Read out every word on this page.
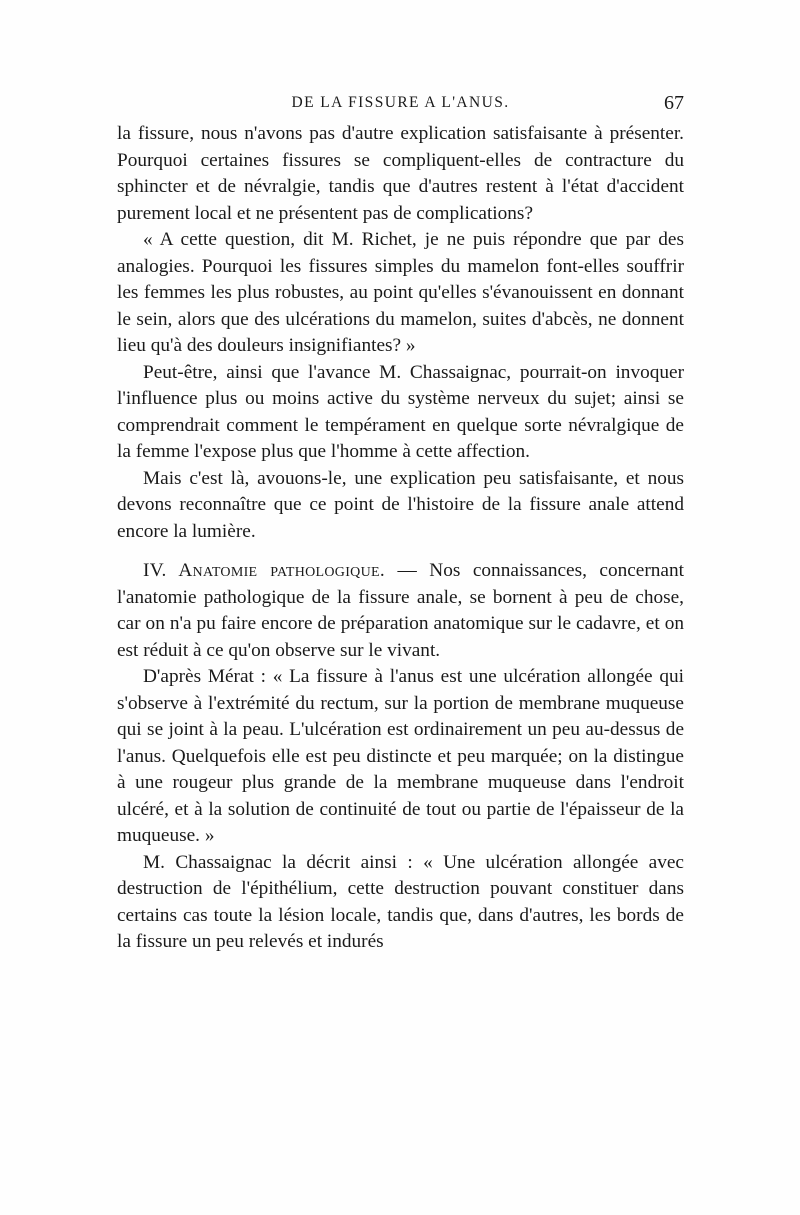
DE LA FISSURE A L'ANUS.	67

la fissure, nous n'avons pas d'autre explication satisfaisante à présenter. Pourquoi certaines fissures se compliquent-elles de contracture du sphincter et de névralgie, tandis que d'autres restent à l'état d'accident purement local et ne présentent pas de complications?

« A cette question, dit M. Richet, je ne puis répondre que par des analogies. Pourquoi les fissures simples du mamelon font-elles souffrir les femmes les plus robustes, au point qu'elles s'évanouissent en donnant le sein, alors que des ulcérations du mamelon, suites d'abcès, ne donnent lieu qu'à des douleurs insignifiantes? »

Peut-être, ainsi que l'avance M. Chassaignac, pourrait-on invoquer l'influence plus ou moins active du système nerveux du sujet; ainsi se comprendrait comment le tempérament en quelque sorte névralgique de la femme l'expose plus que l'homme à cette affection.

Mais c'est là, avouons-le, une explication peu satisfaisante, et nous devons reconnaître que ce point de l'histoire de la fissure anale attend encore la lumière.

IV. Anatomie pathologique. — Nos connaissances, concernant l'anatomie pathologique de la fissure anale, se bornent à peu de chose, car on n'a pu faire encore de préparation anatomique sur le cadavre, et on est réduit à ce qu'on observe sur le vivant.

D'après Mérat : « La fissure à l'anus est une ulcération allongée qui s'observe à l'extrémité du rectum, sur la portion de membrane muqueuse qui se joint à la peau. L'ulcération est ordinairement un peu au-dessus de l'anus. Quelquefois elle est peu distincte et peu marquée; on la distingue à une rougeur plus grande de la membrane muqueuse dans l'endroit ulcéré, et à la solution de continuité de tout ou partie de l'épaisseur de la muqueuse. »

M. Chassaignac la décrit ainsi : « Une ulcération allongée avec destruction de l'épithélium, cette destruction pouvant constituer dans certains cas toute la lésion locale, tandis que, dans d'autres, les bords de la fissure un peu relevés et indurés
